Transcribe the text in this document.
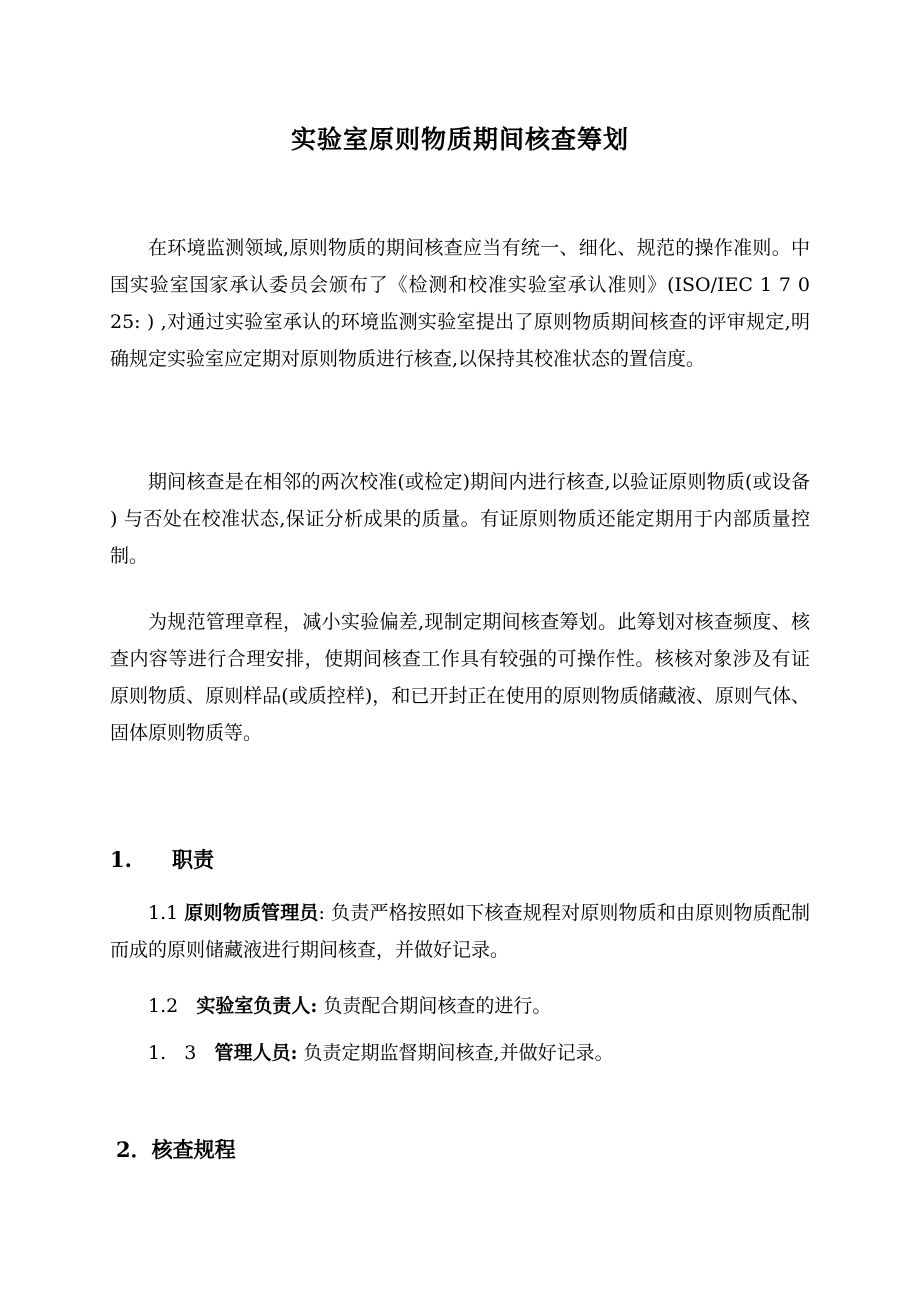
实验室原则物质期间核查筹划

在环境监测领域,原则物质的期间核查应当有统一、细化、规范的操作准则。中国实验室国家承认委员会颁布了《检测和校准实验室承认准则》(ISO/IEC 1 7 0 25: ) ,对通过实验室承认的环境监测实验室提出了原则物质期间核查的评审规定,明确规定实验室应定期对原则物质进行核查,以保持其校准状态的置信度。

期间核查是在相邻的两次校准(或检定)期间内进行核查,以验证原则物质(或设备 ) 与否处在校准状态,保证分析成果的质量。有证原则物质还能定期用于内部质量控制。

为规范管理章程，减小实验偏差,现制定期间核查筹划。此筹划对核查频度、核查内容等进行合理安排，使期间核查工作具有较强的可操作性。核核对象涉及有证原则物质、原则样品(或质控样)，和已开封正在使用的原则物质储藏液、原则气体、固体原则物质等。

1. 职责

1.1 原则物质管理员: 负责严格按照如下核查规程对原则物质和由原则物质配制而成的原则储藏液进行期间核查，并做好记录。

1.2   实验室负责人: 负责配合期间核查的进行。

1.   3   管理人员: 负责定期监督期间核查,并做好记录。

2．核查规程
